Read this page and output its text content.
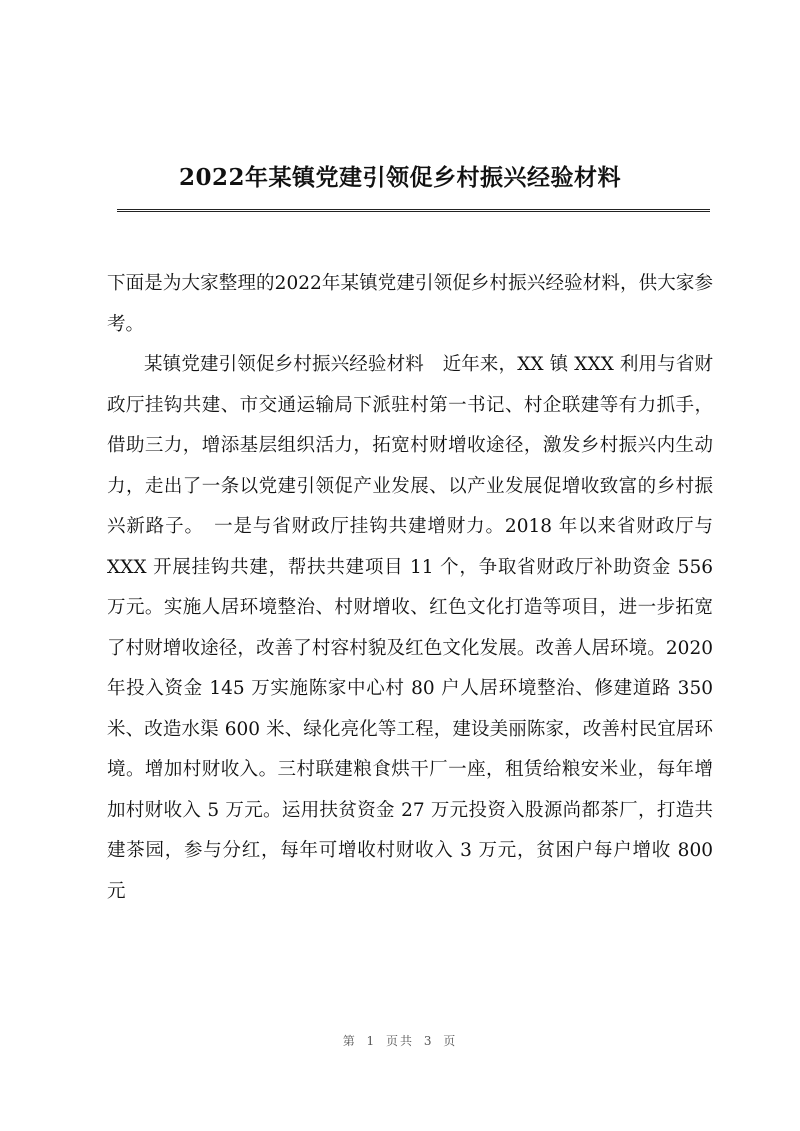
2022年某镇党建引领促乡村振兴经验材料

下面是为大家整理的2022年某镇党建引领促乡村振兴经验材料，供大家参考。

某镇党建引领促乡村振兴经验材料　近年来，XX 镇 XXX 利用与省财政厅挂钩共建、市交通运输局下派驻村第一书记、村企联建等有力抓手，借助三力，增添基层组织活力，拓宽村财增收途径，激发乡村振兴内生动力，走出了一条以党建引领促产业发展、以产业发展促增收致富的乡村振兴新路子。　一是与省财政厅挂钩共建增财力。2018 年以来省财政厅与 XXX 开展挂钩共建，帮扶共建项目 11 个，争取省财政厅补助资金 556 万元。实施人居环境整治、村财增收、红色文化打造等项目，进一步拓宽了村财增收途径，改善了村容村貌及红色文化发展。改善人居环境。2020 年投入资金 145 万实施陈家中心村 80 户人居环境整治、修建道路 350 米、改造水渠 600 米、绿化亮化等工程，建设美丽陈家，改善村民宜居环境。增加村财收入。三村联建粮食烘干厂一座，租赁给粮安米业，每年增加村财收入 5 万元。运用扶贫资金 27 万元投资入股源尚都茶厂，打造共建茶园，参与分红，每年可增收村财收入 3 万元，贫困户每户增收 800 元

第 1 页共 3 页
